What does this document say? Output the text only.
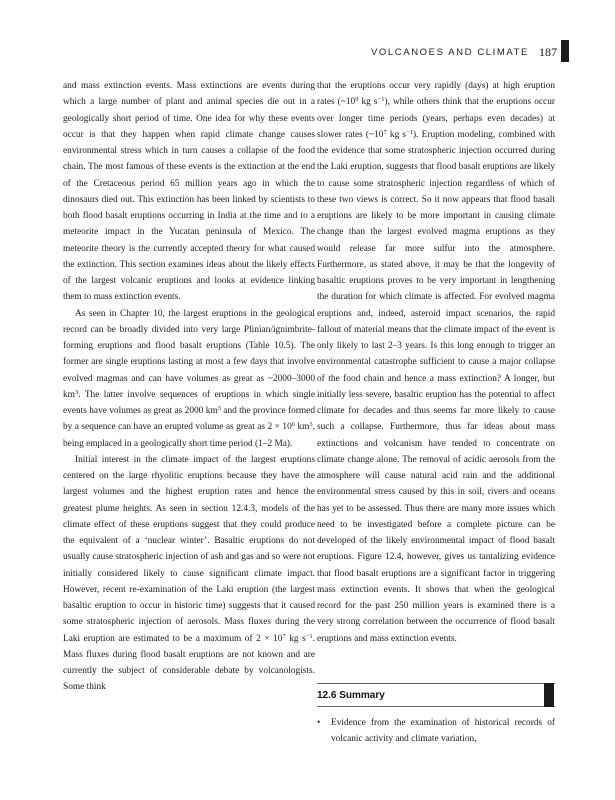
VOLCANOES AND CLIMATE 187

and mass extinction events. Mass extinctions are events during which a large number of plant and animal species die out in a geologically short period of time. One idea for why these events occur is that they happen when rapid climate change causes environmental stress which in turn causes a collapse of the food chain. The most famous of these events is the extinction at the end of the Cretaceous period 65 million years ago in which the dinosaurs died out. This extinction has been linked by scientists to both flood basalt eruptions occurring in India at the time and to a meteorite impact in the Yucatan peninsula of Mexico. The meteorite theory is the currently accepted theory for what caused the extinction. This section examines ideas about the likely effects of the largest volcanic eruptions and looks at evidence linking them to mass extinction events.

As seen in Chapter 10, the largest eruptions in the geological record can be broadly divided into very large Plinian/ignimbrite-forming eruptions and flood basalt eruptions (Table 10.5). The former are single eruptions lasting at most a few days that involve evolved magmas and can have volumes as great as ~2000–3000 $km^3$. The latter involve sequences of eruptions in which single events have volumes as great as 2000 $km^3$ and the province formed by a sequence can have an erupted volume as great as $2 \times 10^6$ $km^3$, being emplaced in a geologically short time period (1–2 Ma).

Initial interest in the climate impact of the largest eruptions centered on the large rhyolitic eruptions because they have the largest volumes and the highest eruption rates and hence the greatest plume heights. As seen in section 12.4.3, models of the climate effect of these eruptions suggest that they could produce the equivalent of a ‘nuclear winter’. Basaltic eruptions do not usually cause stratospheric injection of ash and gas and so were not initially considered likely to cause significant climate impact. However, recent re-examination of the Laki eruption (the largest basaltic eruption to occur in historic time) suggests that it caused some stratospheric injection of aerosols. Mass fluxes during the Laki eruption are estimated to be a maximum of $2 \times 10^7$ kg $s^{-1}$. Mass fluxes during flood basalt eruptions are not known and are currently the subject of considerable debate by volcanologists. Some think

that the eruptions occur very rapidly (days) at high eruption rates ($\sim 10^9$ kg $s^{-1}$), while others think that the eruptions occur over longer time periods (years, perhaps even decades) at slower rates ($\sim 10^7$ kg $s^{-1}$). Eruption modeling, combined with the evidence that some stratospheric injection occurred during the Laki eruption, suggests that flood basalt eruptions are likely to cause some stratospheric injection regardless of which of these two views is correct. So it now appears that flood basalt eruptions are likely to be more important in causing climate change than the largest evolved magma eruptions as they would release far more sulfur into the atmosphere. Furthermore, as stated above, it may be that the longevity of basaltic eruptions proves to be very important in lengthening the duration for which climate is affected. For evolved magma eruptions and, indeed, asteroid impact scenarios, the rapid fallout of material means that the climate impact of the event is only likely to last 2–3 years. Is this long enough to trigger an environmental catastrophe sufficient to cause a major collapse of the food chain and hence a mass extinction? A longer, but initially less severe, basaltic eruption has the potential to affect climate for decades and thus seems far more likely to cause such a collapse. Furthermore, thus far ideas about mass extinctions and volcanism have tended to concentrate on climate change alone. The removal of acidic aerosols from the atmosphere will cause natural acid rain and the additional environmental stress caused by this in soil, rivers and oceans has yet to be assessed. Thus there are many more issues which need to be investigated before a complete picture can be developed of the likely environmental impact of flood basalt eruptions. Figure 12.4, however, gives us tantalizing evidence that flood basalt eruptions are a significant factor in triggering mass extinction events. It shows that when the geological record for the past 250 million years is examined there is a very strong correlation between the occurrence of flood basalt eruptions and mass extinction events.

12.6 Summary
• Evidence from the examination of historical records of volcanic activity and climate variation,
